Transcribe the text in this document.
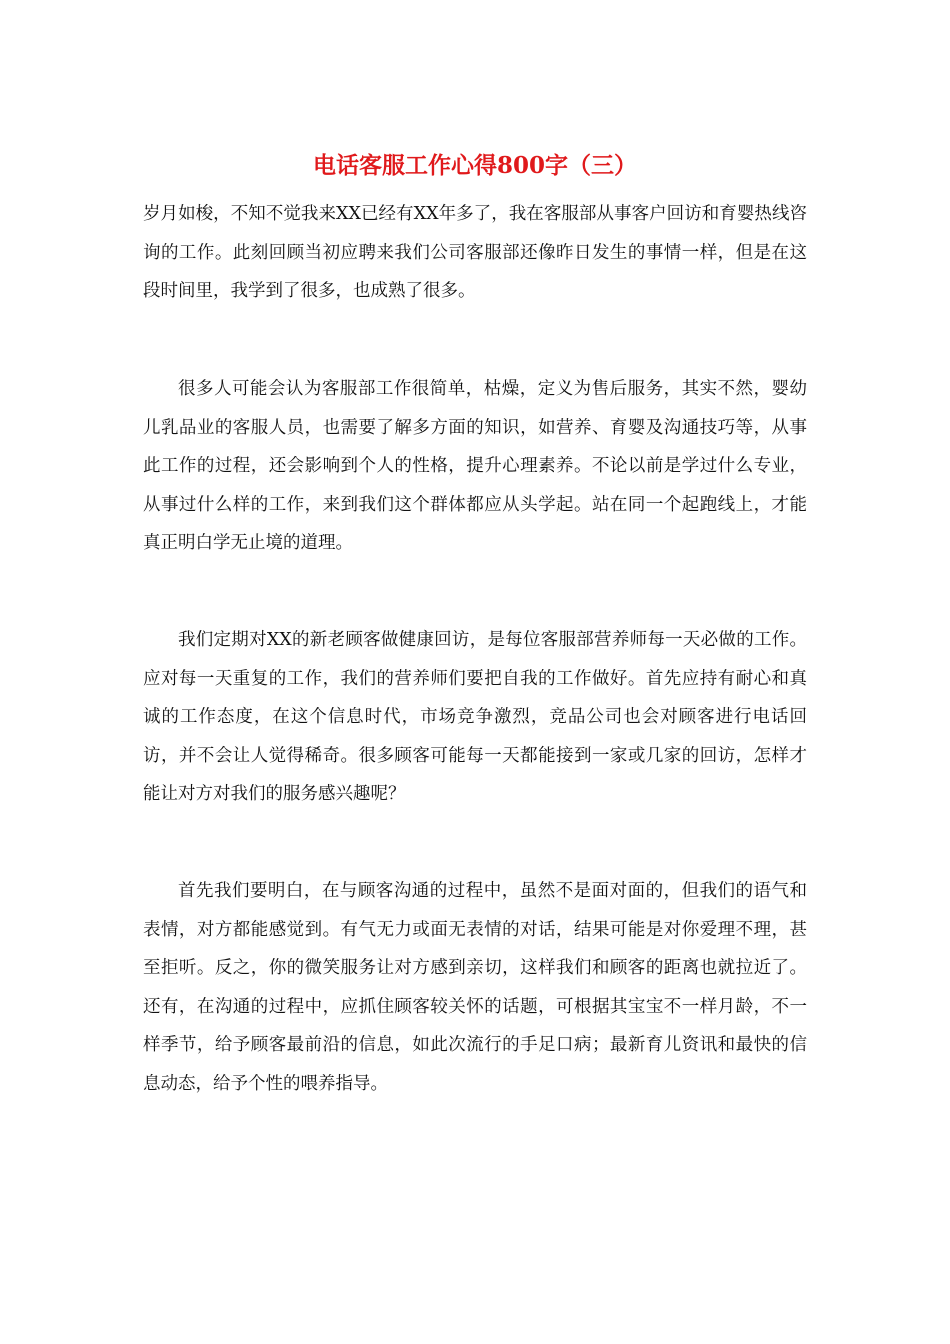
电话客服工作心得800字（三）

岁月如梭，不知不觉我来XX已经有XX年多了，我在客服部从事客户回访和育婴热线咨询的工作。此刻回顾当初应聘来我们公司客服部还像昨日发生的事情一样，但是在这段时间里，我学到了很多，也成熟了很多。

很多人可能会认为客服部工作很简单，枯燥，定义为售后服务，其实不然，婴幼儿乳品业的客服人员，也需要了解多方面的知识，如营养、育婴及沟通技巧等，从事此工作的过程，还会影响到个人的性格，提升心理素养。不论以前是学过什么专业，从事过什么样的工作，来到我们这个群体都应从头学起。站在同一个起跑线上，才能真正明白学无止境的道理。

我们定期对XX的新老顾客做健康回访，是每位客服部营养师每一天必做的工作。应对每一天重复的工作，我们的营养师们要把自我的工作做好。首先应持有耐心和真诚的工作态度，在这个信息时代，市场竞争激烈，竞品公司也会对顾客进行电话回访，并不会让人觉得稀奇。很多顾客可能每一天都能接到一家或几家的回访，怎样才能让对方对我们的服务感兴趣呢？

首先我们要明白，在与顾客沟通的过程中，虽然不是面对面的，但我们的语气和表情，对方都能感觉到。有气无力或面无表情的对话，结果可能是对你爱理不理，甚至拒听。反之，你的微笑服务让对方感到亲切，这样我们和顾客的距离也就拉近了。还有，在沟通的过程中，应抓住顾客较关怀的话题，可根据其宝宝不一样月龄，不一样季节，给予顾客最前沿的信息，如此次流行的手足口病；最新育儿资讯和最快的信息动态，给予个性的喂养指导。
